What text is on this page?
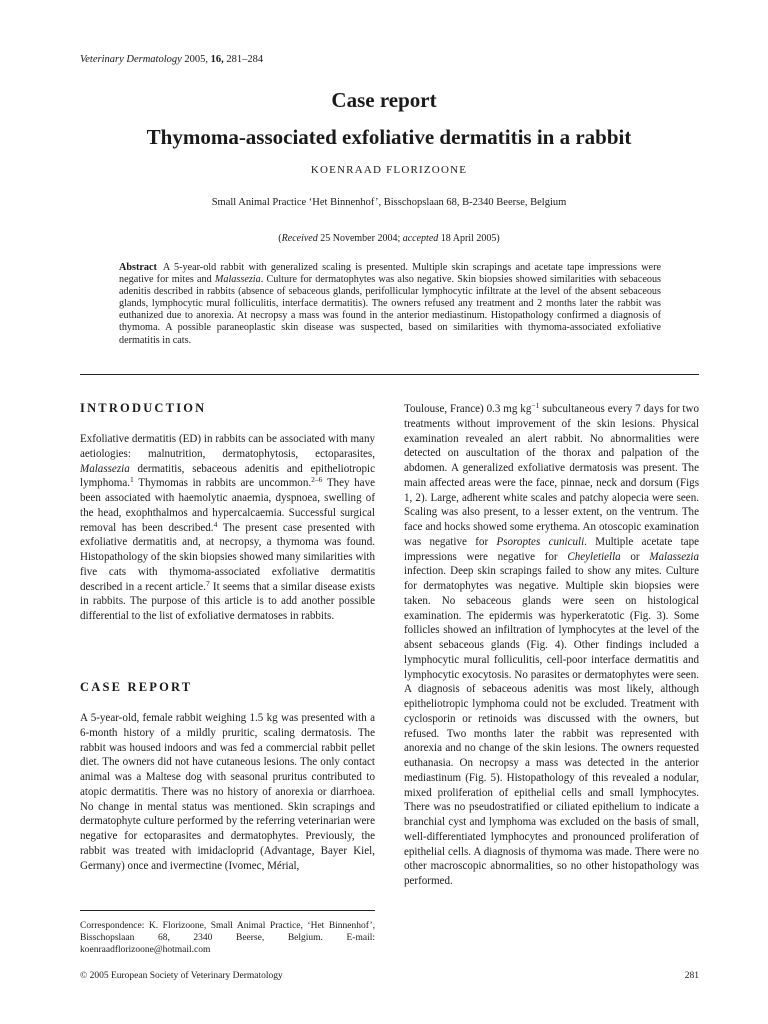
Veterinary Dermatology 2005, 16, 281–284
Case report
Thymoma-associated exfoliative dermatitis in a rabbit
KOENRAAD FLORIZOONE
Small Animal Practice ‘Het Binnenhof’, Bisschopslaan 68, B-2340 Beerse, Belgium
(Received 25 November 2004; accepted 18 April 2005)
Abstract A 5-year-old rabbit with generalized scaling is presented. Multiple skin scrapings and acetate tape impressions were negative for mites and Malassezia. Culture for dermatophytes was also negative. Skin biopsies showed similarities with sebaceous adenitis described in rabbits (absence of sebaceous glands, perifollicular lymphocytic infiltrate at the level of the absent sebaceous glands, lymphocytic mural folliculitis, interface dermatitis). The owners refused any treatment and 2 months later the rabbit was euthanized due to anorexia. At necropsy a mass was found in the anterior mediastinum. Histopathology confirmed a diagnosis of thymoma. A possible paraneoplastic skin disease was suspected, based on similarities with thymoma-associated exfoliative dermatitis in cats.
INTRODUCTION

Exfoliative dermatitis (ED) in rabbits can be associated with many aetiologies: malnutrition, dermatophytosis, ectoparasites, Malassezia dermatitis, sebaceous adenitis and epitheliotropic lymphoma.$^1$ Thymomas in rabbits are uncommon.$^{2-6}$ They have been associated with haemolytic anaemia, dyspnoea, swelling of the head, exophthalmos and hypercalcaemia. Successful surgical removal has been described.$^4$ The present case presented with exfoliative dermatitis and, at necropsy, a thymoma was found. Histopathology of the skin biopsies showed many similarities with five cats with thymoma-associated exfoliative dermatitis described in a recent article.$^7$ It seems that a similar disease exists in rabbits. The purpose of this article is to add another possible differential to the list of exfoliative dermatoses in rabbits.

CASE REPORT

A 5-year-old, female rabbit weighing 1.5 kg was presented with a 6-month history of a mildly pruritic, scaling dermatosis. The rabbit was housed indoors and was fed a commercial rabbit pellet diet. The owners did not have cutaneous lesions. The only contact animal was a Maltese dog with seasonal pruritus contributed to atopic dermatitis. There was no history of anorexia or diarrhoea. No change in mental status was mentioned. Skin scrapings and dermatophyte culture performed by the referring veterinarian were negative for ectoparasites and dermatophytes. Previously, the rabbit was treated with imidacloprid (Advantage, Bayer Kiel, Germany) once and ivermectine (Ivomec, Mérial,

Toulouse, France) 0.3 mg $kg^{-1}$ subcultaneous every 7 days for two treatments without improvement of the skin lesions. Physical examination revealed an alert rabbit. No abnormalities were detected on auscultation of the thorax and palpation of the abdomen. A generalized exfoliative dermatosis was present. The main affected areas were the face, pinnae, neck and dorsum (Figs 1, 2). Large, adherent white scales and patchy alopecia were seen. Scaling was also present, to a lesser extent, on the ventrum. The face and hocks showed some erythema. An otoscopic examination was negative for Psoroptes cuniculi. Multiple acetate tape impressions were negative for Cheyletiella or Malassezia infection. Deep skin scrapings failed to show any mites. Culture for dermatophytes was negative. Multiple skin biopsies were taken. No sebaceous glands were seen on histological examination. The epidermis was hyperkeratotic (Fig. 3). Some follicles showed an infiltration of lymphocytes at the level of the absent sebaceous glands (Fig. 4). Other findings included a lymphocytic mural folliculitis, cell-poor interface dermatitis and lymphocytic exocytosis. No parasites or dermatophytes were seen. A diagnosis of sebaceous adenitis was most likely, although epitheliotropic lymphoma could not be excluded. Treatment with cyclosporin or retinoids was discussed with the owners, but refused. Two months later the rabbit was represented with anorexia and no change of the skin lesions. The owners requested euthanasia. On necropsy a mass was detected in the anterior mediastinum (Fig. 5). Histopathology of this revealed a nodular, mixed proliferation of epithelial cells and small lymphocytes. There was no pseudostratified or ciliated epithelium to indicate a branchial cyst and lymphoma was excluded on the basis of small, well-differentiated lymphocytes and pronounced proliferation of epithelial cells. A diagnosis of thymoma was made. There were no other macroscopic abnormalities, so no other histopathology was performed.

Correspondence: K. Florizoone, Small Animal Practice, ‘Het Binnenhof’, Bisschopslaan 68, 2340 Beerse, Belgium. E-mail: koenraadflorizoone@hotmail.com
© 2005 European Society of Veterinary Dermatology	281
